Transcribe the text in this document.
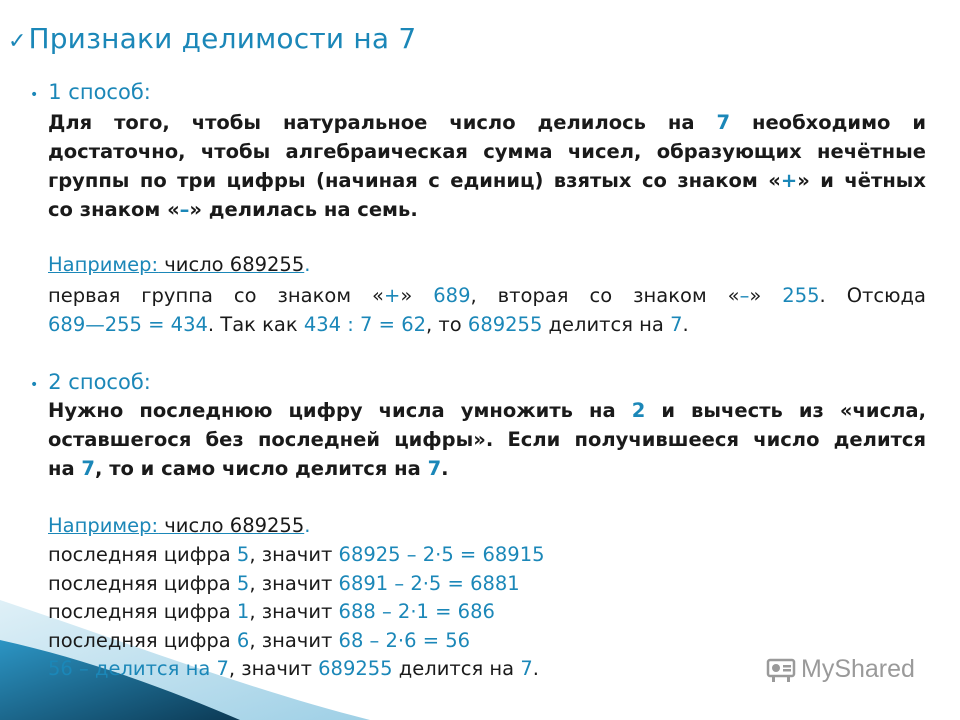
✓ Признаки делимости на 7
• 1 способ:
Для того, чтобы натуральное число делилось на 7 необходимо и
достаточно, чтобы алгебраическая сумма чисел, образующих нечётные
группы по три цифры (начиная с единиц) взятых со знаком «+» и чётных
со знаком «–» делилась на семь.
Например: число 689255.
первая группа со знаком «+» 689, вторая со знаком «–» 255. Отсюда
689—255 = 434. Так как 434 : 7 = 62, то 689255 делится на 7.
• 2 способ:
Нужно последнюю цифру числа умножить на 2 и вычесть из «числа,
оставшегося без последней цифры». Если получившееся число делится
на 7, то и само число делится на 7.
Например: число 689255.
последняя цифра 5, значит 68925 – 2·5 = 68915
последняя цифра 5, значит 6891 – 2·5 = 6881
последняя цифра 1, значит 688 – 2·1 = 686
последняя цифра 6, значит 68 – 2·6 = 56
56 – делится на 7, значит 689255 делится на 7.	MyShared
